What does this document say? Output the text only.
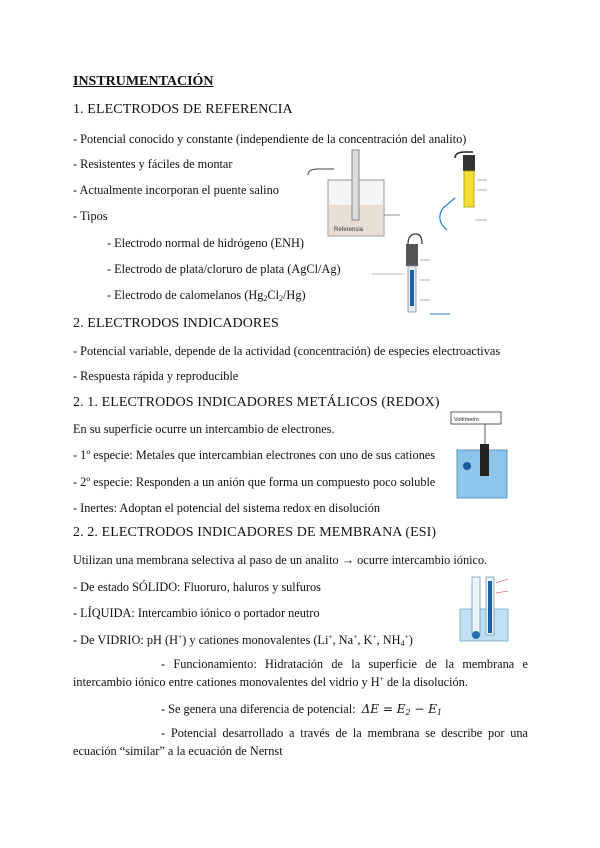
INSTRUMENTACIÓN
1. ELECTRODOS DE REFERENCIA
- Potencial conocido y constante (independiente de la concentración del analito)
- Resistentes y fáciles de montar
- Actualmente incorporan el puente salino
- Tipos
- Electrodo normal de hidrógeno (ENH)
- Electrodo de plata/cloruro de plata (AgCl/Ag)
- Electrodo de calomelanos $(Hg_2Cl_2/Hg)$
2. ELECTRODOS INDICADORES
- Potencial variable, depende de la actividad (concentración) de especies electroactivas
- Respuesta rápida y reproducible
2. 1. ELECTRODOS INDICADORES METÁLICOS (REDOX)
En su superficie ocurre un intercambio de electrones.
- 1º especie: Metales que intercambian electrones con uno de sus cationes
- 2º especie: Responden a un anión que forma un compuesto poco soluble
- Inertes: Adoptan el potencial del sistema redox en disolución
2. 2. ELECTRODOS INDICADORES DE MEMBRANA (ESI)
Utilizan una membrana selectiva al paso de un analito → ocurre intercambio iónico.
- De estado SÓLIDO: Fluoruro, haluros y sulfuros
- LÍQUIDA: Intercambio iónico o portador neutro
- De VIDRIO: pH (H+) y cationes monovalentes (Li+, Na+, K+, $NH_4^+$)
- Funcionamiento: Hidratación de la superficie de la membrana e intercambio iónico entre cationes monovalentes del vidrio y H+ de la disolución.
- Se genera una diferencia de potencial: $\Delta E = E_2 - E_1$
- Potencial desarrollado a través de la membrana se describe por una ecuación “similar” a la ecuación de Nernst
Referencia
Voltímetro
